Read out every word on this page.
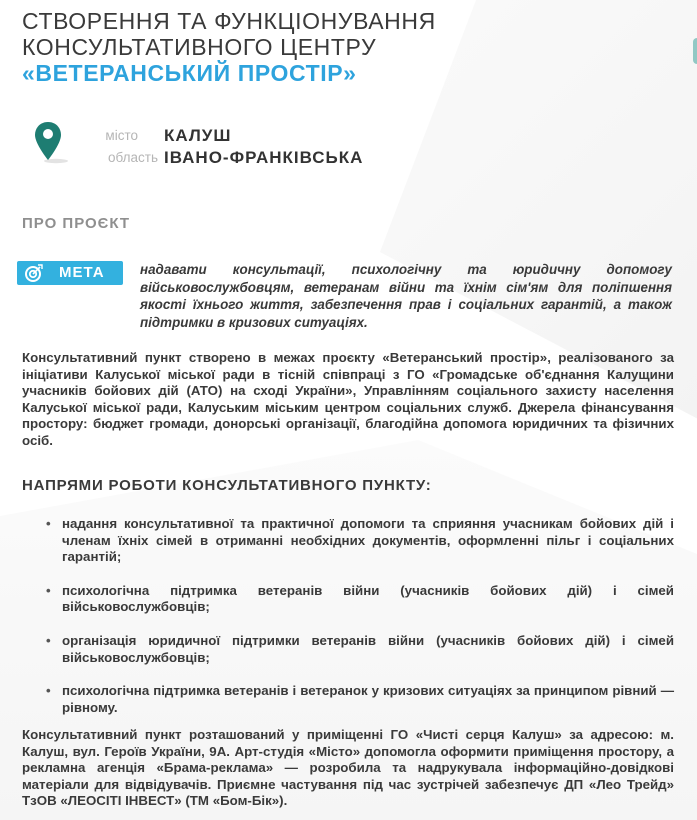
СТВОРЕННЯ ТА ФУНКЦІОНУВАННЯ
КОНСУЛЬТАТИВНОГО ЦЕНТРУ
«ВЕТЕРАНСЬКИЙ ПРОСТІР»
місто КАЛУШ
область ІВАНО-ФРАНКІВСЬКА
ПРО ПРОЄКТ
МЕТА	надавати консультації, психологічну та юридичну допомогу військовослужбовцям, ветеранам війни та їхнім сім'ям для поліпшення якості їхнього життя, забезпечення прав і соціальних гарантій, а також підтримки в кризових ситуаціях.

Консультативний пункт створено в межах проєкту «Ветеранський простір», реалізованого за ініціативи Калуської міської ради в тісній співпраці з ГО «Громадське об'єднання Калущини учасників бойових дій (АТО) на сході України», Управлінням соціального захисту населення Калуської міської ради, Калуським міським центром соціальних служб. Джерела фінансування простору: бюджет громади, донорські організації, благодійна допомога юридичних та фізичних осіб.

НАПРЯМИ РОБОТИ КОНСУЛЬТАТИВНОГО ПУНКТУ:
• надання консультативної та практичної допомоги та сприяння учасникам бойових дій і членам їхніх сімей в отриманні необхідних документів, оформленні пільг і соціальних гарантій;
• психологічна підтримка ветеранів війни (учасників бойових дій) і сімей військовослужбовців;
• організація юридичної підтримки ветеранів війни (учасників бойових дій) і сімей військовослужбовців;
• психологічна підтримка ветеранів і ветеранок у кризових ситуаціях за принципом рівний — рівному.

Консультативний пункт розташований у приміщенні ГО «Чисті серця Калуш» за адресою: м. Калуш, вул. Героїв України, 9А. Арт-студія «Місто» допомогла оформити приміщення простору, а рекламна агенція «Брама-реклама» — розробила та надрукувала інформаційно-довідкові матеріали для відвідувачів. Приємне частування під час зустрічей забезпечує ДП «Лео Трейд» ТзОВ «ЛЕОСІТІ ІНВЕСТ» (ТМ «Бом-Бік»).
